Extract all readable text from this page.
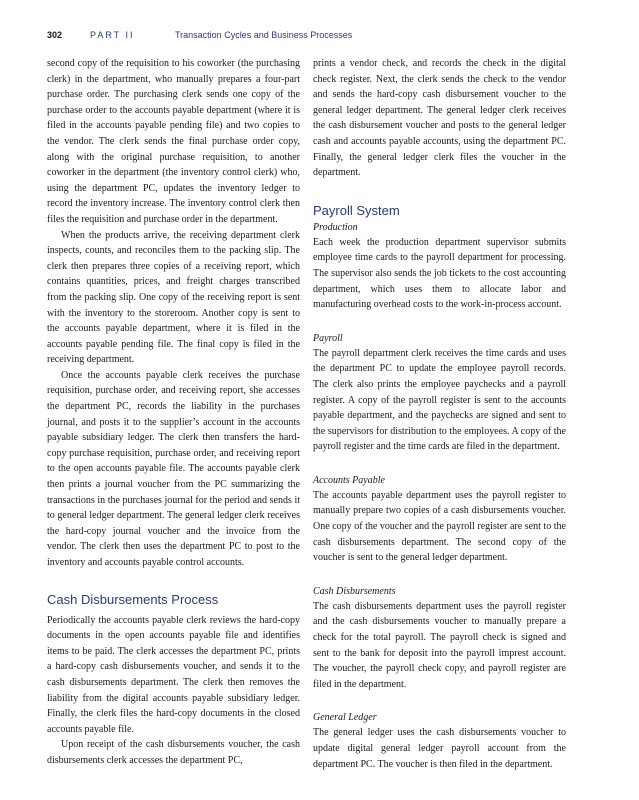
302	PART II	Transaction Cycles and Business Processes

second copy of the requisition to his coworker (the purchasing clerk) in the department, who manually prepares a four-part purchase order. The purchasing clerk sends one copy of the purchase order to the accounts payable department (where it is filed in the accounts payable pending file) and two copies to the vendor. The clerk sends the final purchase order copy, along with the original purchase requisition, to another coworker in the department (the inventory control clerk) who, using the department PC, updates the inventory ledger to record the inventory increase. The inventory control clerk then files the requisition and purchase order in the department.

When the products arrive, the receiving department clerk inspects, counts, and reconciles them to the packing slip. The clerk then prepares three copies of a receiving report, which contains quantities, prices, and freight charges transcribed from the packing slip. One copy of the receiving report is sent with the inventory to the storeroom. Another copy is sent to the accounts payable department, where it is filed in the accounts payable pending file. The final copy is filed in the receiving department.

Once the accounts payable clerk receives the purchase requisition, purchase order, and receiving report, she accesses the department PC, records the liability in the purchases journal, and posts it to the supplier’s account in the accounts payable subsidiary ledger. The clerk then transfers the hard-copy purchase requisition, purchase order, and receiving report to the open accounts payable file. The accounts payable clerk then prints a journal voucher from the PC summarizing the transactions in the purchases journal for the period and sends it to general ledger department. The general ledger clerk receives the hard-copy journal voucher and the invoice from the vendor. The clerk then uses the department PC to post to the inventory and accounts payable control accounts.

Cash Disbursements Process

Periodically the accounts payable clerk reviews the hard-copy documents in the open accounts payable file and identifies items to be paid. The clerk accesses the department PC, prints a hard-copy cash disbursements voucher, and sends it to the cash disbursements department. The clerk then removes the liability from the digital accounts payable subsidiary ledger. Finally, the clerk files the hard-copy documents in the closed accounts payable file.

Upon receipt of the cash disbursements voucher, the cash disbursements clerk accesses the department PC,

prints a vendor check, and records the check in the digital check register. Next, the clerk sends the check to the vendor and sends the hard-copy cash disbursement voucher to the general ledger department. The general ledger clerk receives the cash disbursement voucher and posts to the general ledger cash and accounts payable accounts, using the department PC. Finally, the general ledger clerk files the voucher in the department.

Payroll System
Production

Each week the production department supervisor submits employee time cards to the payroll department for processing. The supervisor also sends the job tickets to the cost accounting department, which uses them to allocate labor and manufacturing overhead costs to the work-in-process account.

Payroll

The payroll department clerk receives the time cards and uses the department PC to update the employee payroll records. The clerk also prints the employee paychecks and a payroll register. A copy of the payroll register is sent to the accounts payable department, and the paychecks are signed and sent to the supervisors for distribution to the employees. A copy of the payroll register and the time cards are filed in the department.

Accounts Payable

The accounts payable department uses the payroll register to manually prepare two copies of a cash disbursements voucher. One copy of the voucher and the payroll register are sent to the cash disbursements department. The second copy of the voucher is sent to the general ledger department.

Cash Disbursements

The cash disbursements department uses the payroll register and the cash disbursements voucher to manually prepare a check for the total payroll. The payroll check is signed and sent to the bank for deposit into the payroll imprest account. The voucher, the payroll check copy, and payroll register are filed in the department.

General Ledger

The general ledger uses the cash disbursements voucher to update digital general ledger payroll account from the department PC. The voucher is then filed in the department.
